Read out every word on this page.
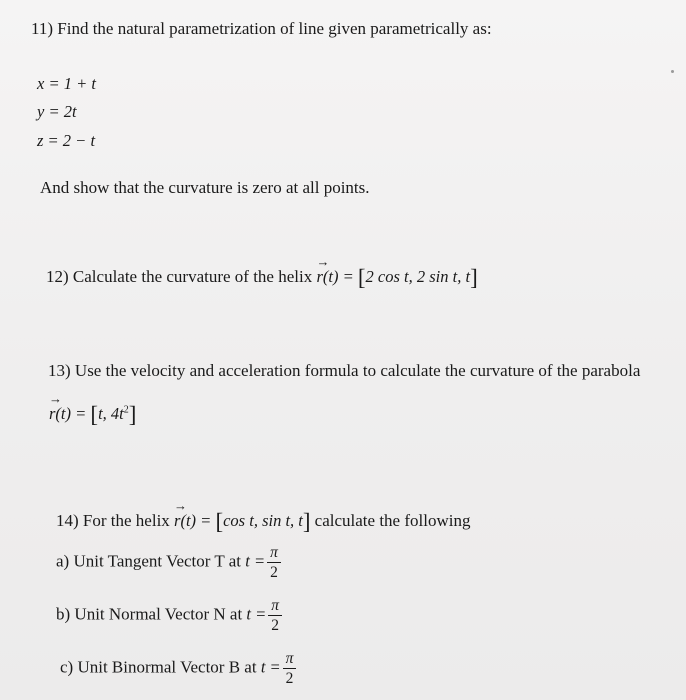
11) Find the natural parametrization of line given parametrically as:
x = 1 + t
y = 2t
z = 2 − t
And show that the curvature is zero at all points.
12) Calculate the curvature of the helix → r(t) = [2 cos t, 2 sin t, t]
13) Use the velocity and acceleration formula to calculate the curvature of the parabola
→ r(t) = [t, $4t^2$]
14) For the helix → r(t) = [cos t, sin t, t] calculate the following
a) Unit Tangent Vector T at $t = \frac{\pi}{2}$
b) Unit Normal Vector N at $t = \frac{\pi}{2}$
c) Unit Binormal Vector B at $t = \frac{\pi}{2}$
